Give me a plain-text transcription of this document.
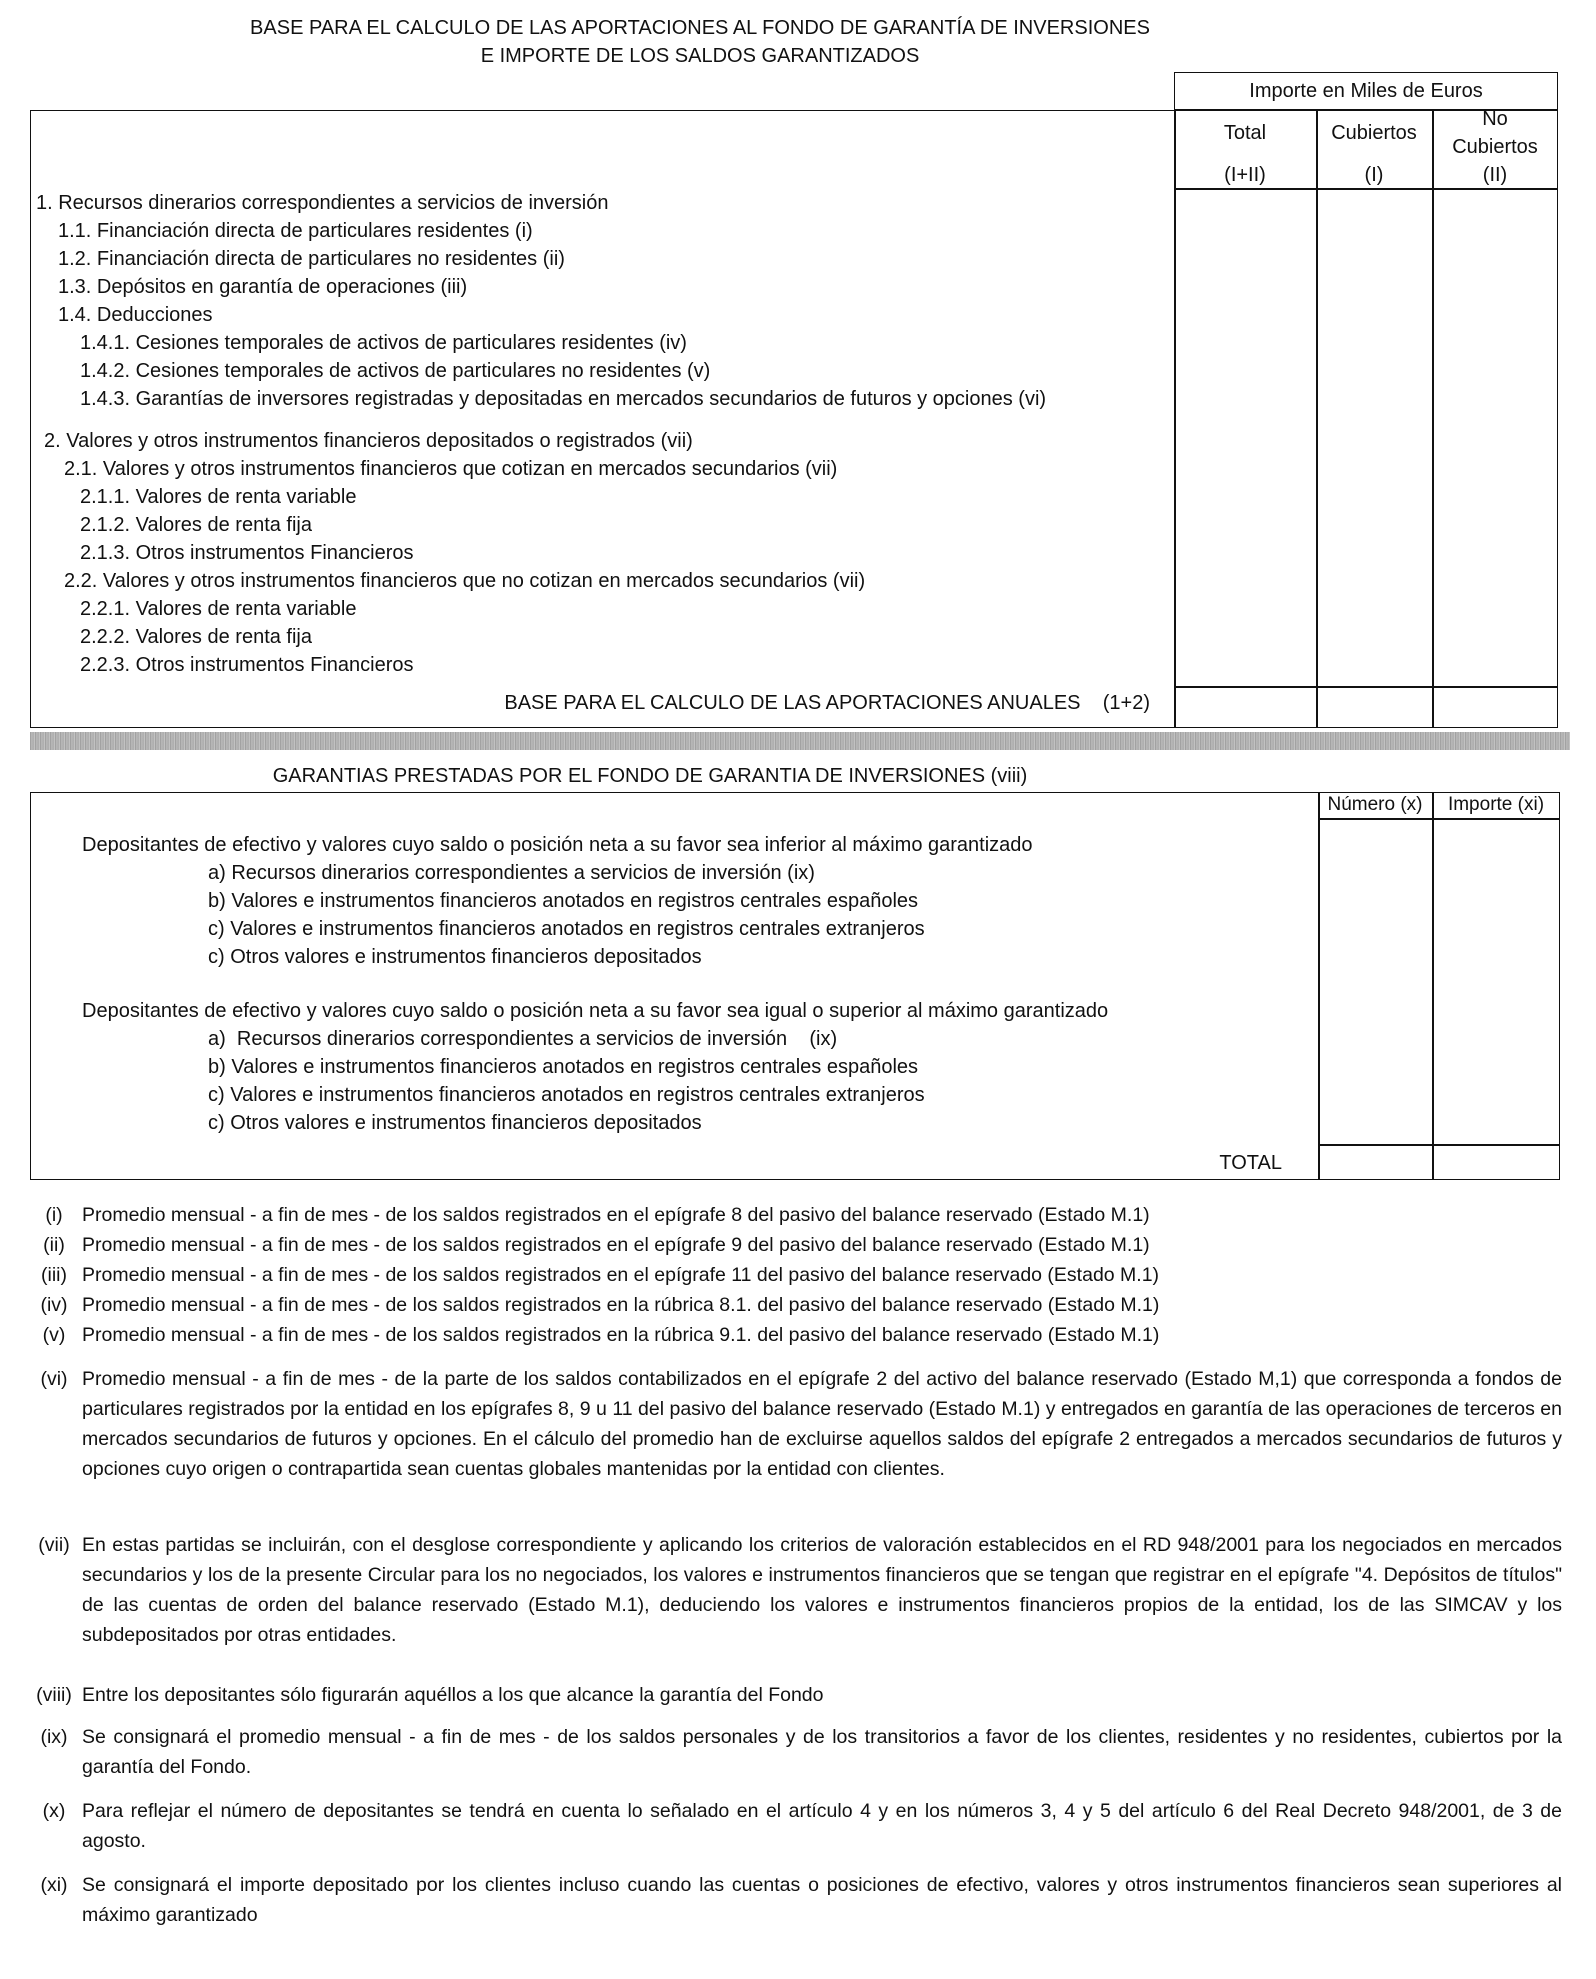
BASE PARA EL CALCULO DE LAS APORTACIONES AL FONDO DE GARANTÍA DE INVERSIONES
E IMPORTE DE LOS SALDOS GARANTIZADOS
Importe en Miles de Euros
Total
(I+II)
Cubiertos
(I)
No
Cubiertos
(II)
1. Recursos dinerarios correspondientes a servicios de inversión
1.1. Financiación directa de particulares residentes (i)
1.2. Financiación directa de particulares no residentes (ii)
1.3. Depósitos en garantía de operaciones (iii)
1.4. Deducciones
1.4.1. Cesiones temporales de activos de particulares residentes (iv)
1.4.2. Cesiones temporales de activos de particulares no residentes (v)
1.4.3. Garantías de inversores registradas y depositadas en mercados secundarios de futuros y opciones (vi)
2. Valores y otros instrumentos financieros depositados o registrados (vii)
2.1. Valores y otros instrumentos financieros que cotizan en mercados secundarios (vii)
2.1.1. Valores de renta variable
2.1.2. Valores de renta fija
2.1.3. Otros instrumentos Financieros
2.2. Valores y otros instrumentos financieros que no cotizan en mercados secundarios (vii)
2.2.1. Valores de renta variable
2.2.2. Valores de renta fija
2.2.3. Otros instrumentos Financieros
BASE PARA EL CALCULO DE LAS APORTACIONES ANUALES    (1+2)
GARANTIAS PRESTADAS POR EL FONDO DE GARANTIA DE INVERSIONES (viii)
Número (x)	Importe (xi)
Depositantes de efectivo y valores cuyo saldo o posición neta a su favor sea inferior al máximo garantizado
a) Recursos dinerarios correspondientes a servicios de inversión (ix)
b) Valores e instrumentos financieros anotados en registros centrales españoles
c) Valores e instrumentos financieros anotados en registros centrales extranjeros
c) Otros valores e instrumentos financieros depositados
Depositantes de efectivo y valores cuyo saldo o posición neta a su favor sea igual o superior al máximo garantizado
a)  Recursos dinerarios correspondientes a servicios de inversión    (ix)
b) Valores e instrumentos financieros anotados en registros centrales españoles
c) Valores e instrumentos financieros anotados en registros centrales extranjeros
c) Otros valores e instrumentos financieros depositados
TOTAL
(i) Promedio mensual - a fin de mes - de los saldos registrados en el epígrafe 8 del pasivo del balance reservado (Estado M.1)
(ii) Promedio mensual - a fin de mes - de los saldos registrados en el epígrafe 9 del pasivo del balance reservado (Estado M.1)
(iii) Promedio mensual - a fin de mes - de los saldos registrados en el epígrafe 11 del pasivo del balance reservado (Estado M.1)
(iv) Promedio mensual - a fin de mes - de los saldos registrados en la rúbrica 8.1. del pasivo del balance reservado (Estado M.1)
(v) Promedio mensual - a fin de mes - de los saldos registrados en la rúbrica 9.1. del pasivo del balance reservado (Estado M.1)
(vi) Promedio mensual - a fin de mes - de la parte de los saldos contabilizados en el epígrafe 2 del activo del balance reservado (Estado M,1) que corresponda a fondos de particulares registrados por la entidad en los epígrafes 8, 9 u 11 del pasivo del balance reservado (Estado M.1) y entregados en garantía de las operaciones de terceros en mercados secundarios de futuros y opciones. En el cálculo del promedio han de excluirse aquellos saldos del epígrafe 2 entregados a mercados secundarios de futuros y opciones cuyo origen o contrapartida sean cuentas globales mantenidas por la entidad con clientes.
(vii) En estas partidas se incluirán, con el desglose correspondiente y aplicando los criterios de valoración establecidos en el RD 948/2001 para los negociados en mercados secundarios y los de la presente Circular para los no negociados, los valores e instrumentos financieros que se tengan que registrar en el epígrafe "4. Depósitos de títulos" de las cuentas de orden del balance reservado (Estado M.1), deduciendo los valores e instrumentos financieros propios de la entidad, los de las SIMCAV y los subdepositados por otras entidades.
(viii) Entre los depositantes sólo figurarán aquéllos a los que alcance la garantía del Fondo
(ix) Se consignará el promedio mensual - a fin de mes - de los saldos personales y de los transitorios a favor de los clientes, residentes y no residentes, cubiertos por la garantía del Fondo.
(x) Para reflejar el número de depositantes se tendrá en cuenta lo señalado en el artículo 4 y en los números 3, 4 y 5 del artículo 6 del Real Decreto 948/2001, de 3 de agosto.
(xi) Se consignará el importe depositado por los clientes incluso cuando las cuentas o posiciones de efectivo, valores y otros instrumentos financieros sean superiores al máximo garantizado
